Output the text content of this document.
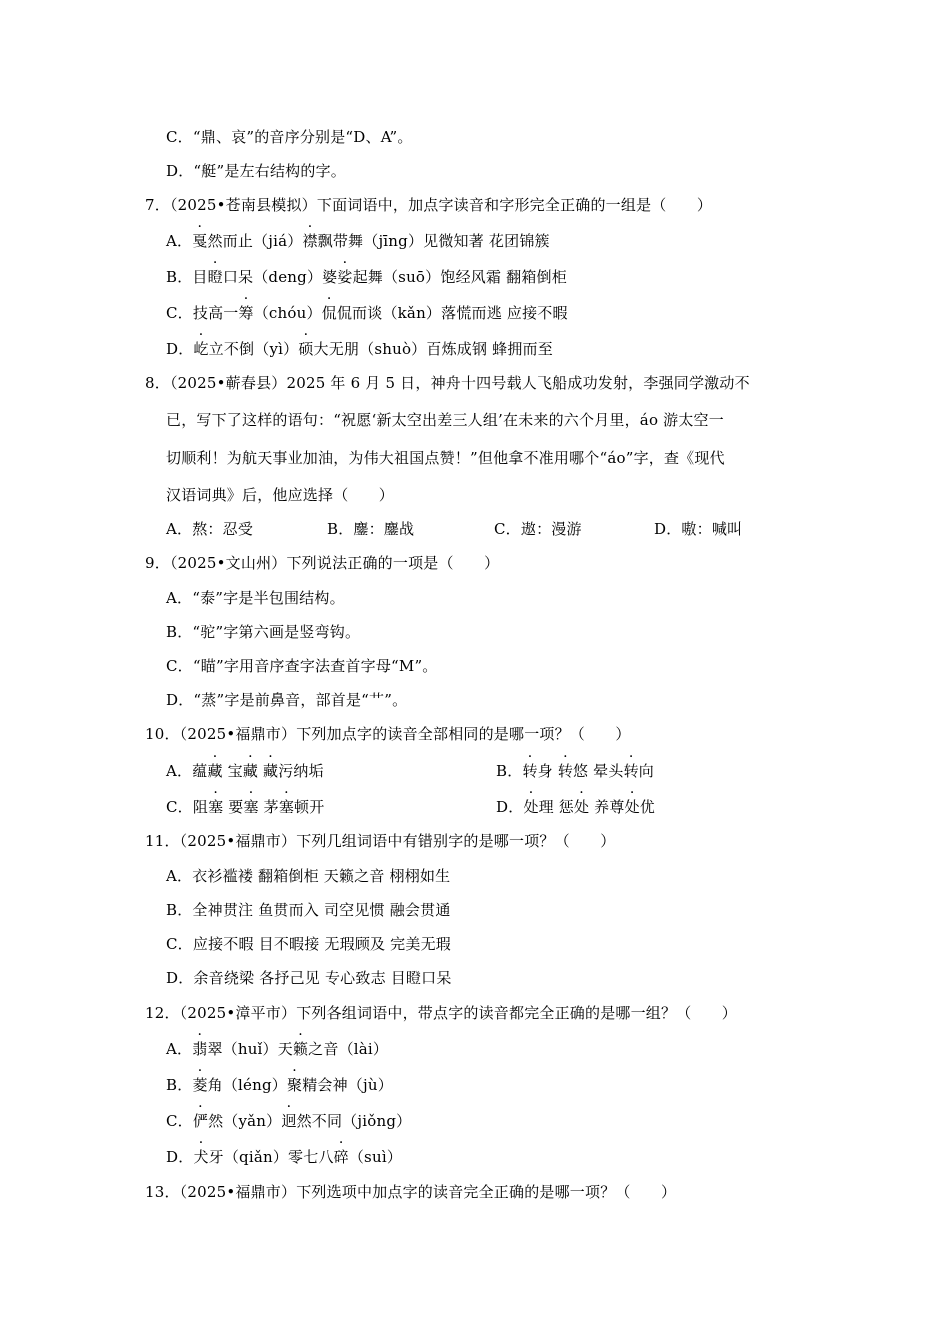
C．“鼎、哀”的音序分别是“D、A”。
D．“艇”是左右结构的字。
7．（2025•苍南县模拟）下面词语中，加点字读音和字形完全正确的一组是（　　）
A．戛然而止（jiá）襟飘带舞（jīng）见微知著 花团锦簇
B．目瞪口呆（deng）婆娑起舞（suō）饱经风霜 翻箱倒柜
C．技高一筹（chóu）侃侃而谈（kǎn）落慌而逃 应接不暇
D．屹立不倒（yì）硕大无朋（shuò）百炼成钢 蜂拥而至
8．（2025•蕲春县）2025 年 6 月 5 日，神舟十四号载人飞船成功发射，李强同学激动不
已，写下了这样的语句：“祝愿‘新太空出差三人组’在未来的六个月里，áo 游太空一
切顺利！为航天事业加油，为伟大祖国点赞！”但他拿不准用哪个“áo”字，查《现代
汉语词典》后，他应选择（　　）
A．熬：忍受	B．鏖：鏖战	C．遨：漫游	D．嗷：喊叫
9．（2025•文山州）下列说法正确的一项是（　　）
A．“泰”字是半包围结构。
B．“驼”字第六画是竖弯钩。
C．“瞄”字用音序查字法查首字母“M”。
D．“蒸”字是前鼻音，部首是“艹”。
10．（2025•福鼎市）下列加点字的读音全部相同的是哪一项？（　　）
A．蕴藏 宝藏 藏污纳垢	B．转身 转悠 晕头转向
C．阻塞 要塞 茅塞顿开	D．处理 惩处 养尊处优
11．（2025•福鼎市）下列几组词语中有错别字的是哪一项？（　　）
A．衣衫褴褛 翻箱倒柜 天籁之音 栩栩如生
B．全神贯注 鱼贯而入 司空见惯 融会贯通
C．应接不暇 目不暇接 无瑕顾及 完美无瑕
D．余音绕梁 各抒己见 专心致志 目瞪口呆
12．（2025•漳平市）下列各组词语中，带点字的读音都完全正确的是哪一组？（　　）
A．翡翠（huǐ）天籁之音（lài）
B．菱角（léng）聚精会神（jù）
C．俨然（yǎn）迥然不同（jiǒng）
D．犬牙（qiǎn）零七八碎（suì）
13．（2025•福鼎市）下列选项中加点字的读音完全正确的是哪一项？（　　）
